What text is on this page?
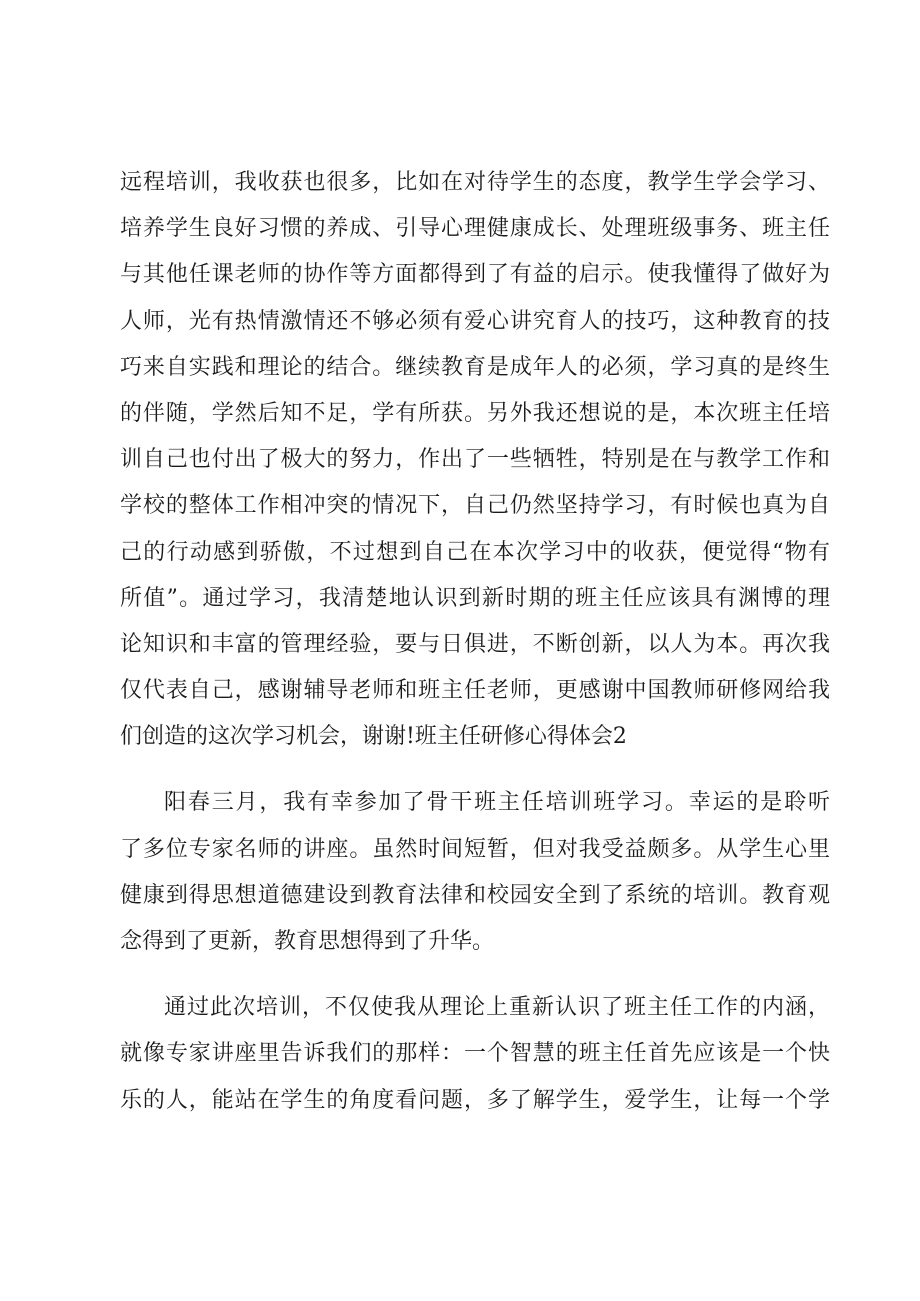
远程培训，我收获也很多，比如在对待学生的态度，教学生学会学习、
培养学生良好习惯的养成、引导心理健康成长、处理班级事务、班主任
与其他任课老师的协作等方面都得到了有益的启示。使我懂得了做好为
人师，光有热情激情还不够必须有爱心讲究育人的技巧，这种教育的技
巧来自实践和理论的结合。继续教育是成年人的必须，学习真的是终生
的伴随，学然后知不足，学有所获。另外我还想说的是，本次班主任培
训自己也付出了极大的努力，作出了一些牺牲，特别是在与教学工作和
学校的整体工作相冲突的情况下，自己仍然坚持学习，有时候也真为自
己的行动感到骄傲，不过想到自己在本次学习中的收获，便觉得“物有
所值”。通过学习，我清楚地认识到新时期的班主任应该具有渊博的理
论知识和丰富的管理经验，要与日俱进，不断创新，以人为本。再次我
仅代表自己，感谢辅导老师和班主任老师，更感谢中国教师研修网给我
们创造的这次学习机会，谢谢!班主任研修心得体会2
阳春三月，我有幸参加了骨干班主任培训班学习。幸运的是聆听
了多位专家名师的讲座。虽然时间短暂，但对我受益颇多。从学生心里
健康到得思想道德建设到教育法律和校园安全到了系统的培训。教育观
念得到了更新，教育思想得到了升华。
通过此次培训，不仅使我从理论上重新认识了班主任工作的内涵，
就像专家讲座里告诉我们的那样：一个智慧的班主任首先应该是一个快
乐的人，能站在学生的角度看问题，多了解学生，爱学生，让每一个学
